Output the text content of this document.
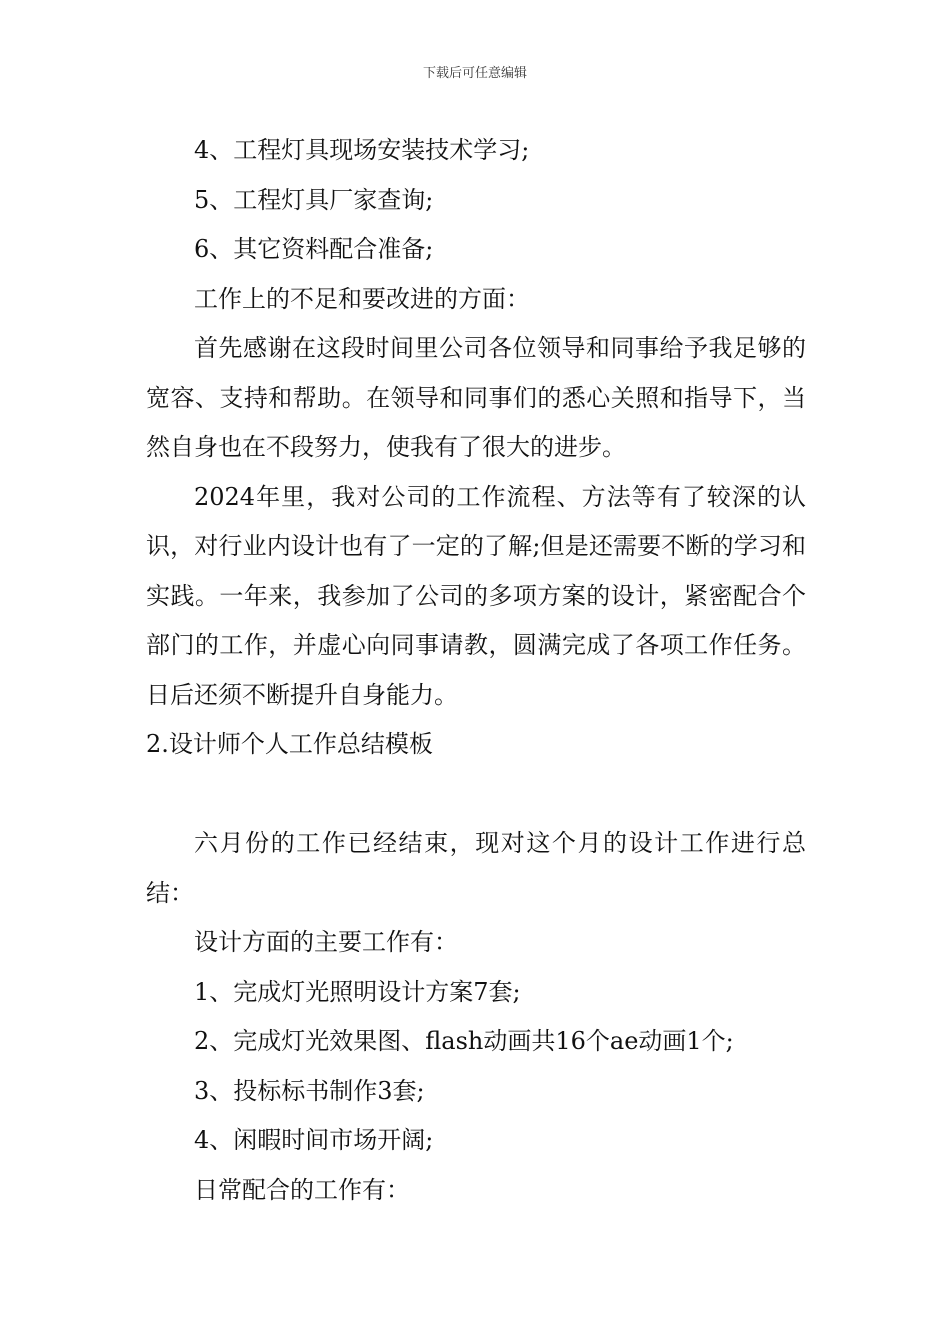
下载后可任意编辑

4、工程灯具现场安装技术学习;

5、工程灯具厂家查询;

6、其它资料配合准备;

工作上的不足和要改进的方面：

首先感谢在这段时间里公司各位领导和同事给予我足够的宽容、支持和帮助。在领导和同事们的悉心关照和指导下，当然自身也在不段努力，使我有了很大的进步。

2024年里，我对公司的工作流程、方法等有了较深的认识，对行业内设计也有了一定的了解;但是还需要不断的学习和实践。一年来，我参加了公司的多项方案的设计，紧密配合个部门的工作，并虚心向同事请教，圆满完成了各项工作任务。日后还须不断提升自身能力。

2.设计师个人工作总结模板

六月份的工作已经结束，现对这个月的设计工作进行总结：

设计方面的主要工作有：

1、完成灯光照明设计方案7套;

2、完成灯光效果图、flash动画共16个ae动画1个;

3、投标标书制作3套;

4、闲暇时间市场开阔;

日常配合的工作有：
